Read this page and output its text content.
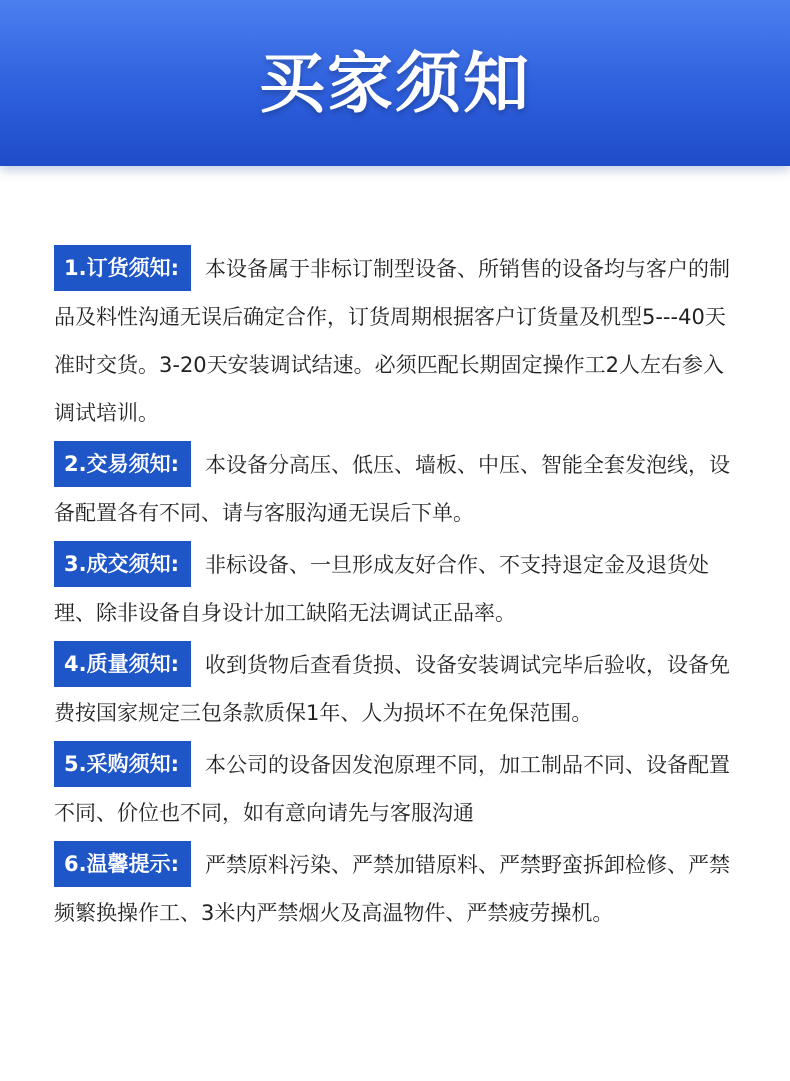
买家须知
1.订货须知: 本设备属于非标订制型设备、所销售的设备均与客户的制品及料性沟通无误后确定合作，订货周期根据客户订货量及机型5---40天准时交货。3-20天安装调试结速。必须匹配长期固定操作工2人左右参入调试培训。
2.交易须知: 本设备分高压、低压、墙板、中压、智能全套发泡线，设备配置各有不同、请与客服沟通无误后下单。
3.成交须知: 非标设备、一旦形成友好合作、不支持退定金及退货处理、除非设备自身设计加工缺陷无法调试正品率。
4.质量须知: 收到货物后查看货损、设备安装调试完毕后验收，设备免费按国家规定三包条款质保1年、人为损坏不在免保范围。
5.采购须知: 本公司的设备因发泡原理不同，加工制品不同、设备配置不同、价位也不同，如有意向请先与客服沟通
6.温馨提示: 严禁原料污染、严禁加错原料、严禁野蛮拆卸检修、严禁频繁换操作工、3米内严禁烟火及高温物件、严禁疲劳操机。
